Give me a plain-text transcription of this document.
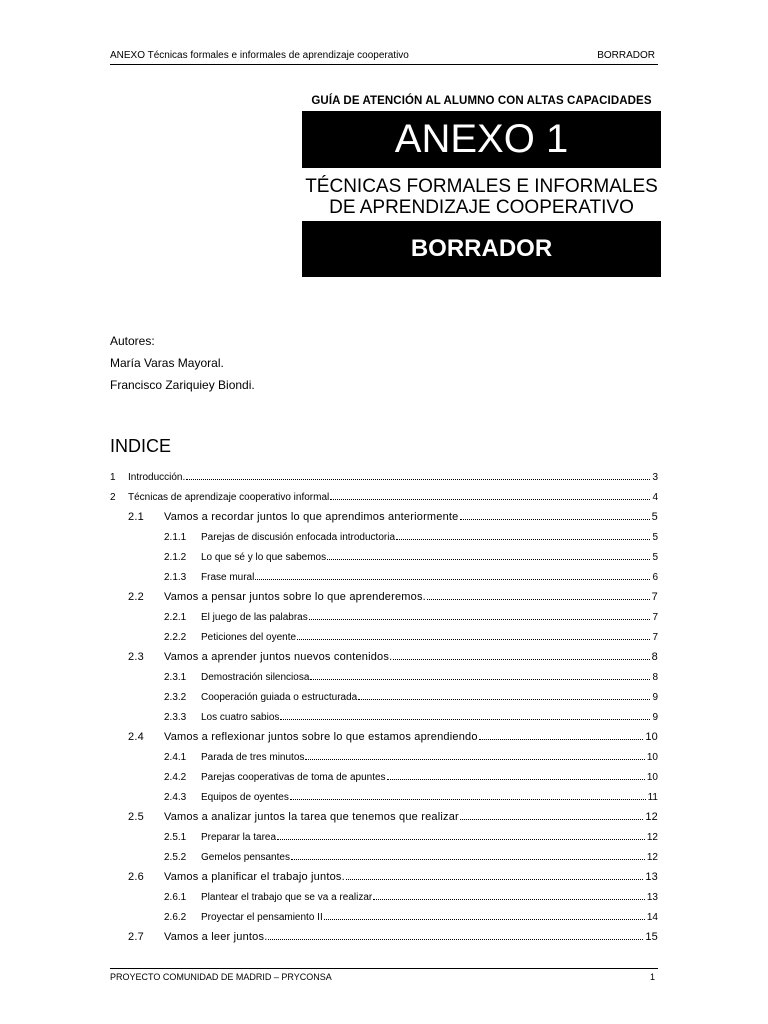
ANEXO Técnicas formales e informales de aprendizaje cooperativo	BORRADOR
GUÍA DE ATENCIÓN AL ALUMNO CON ALTAS CAPACIDADES
ANEXO 1
TÉCNICAS FORMALES E INFORMALES
DE APRENDIZAJE COOPERATIVO
BORRADOR
Autores:
María Varas Mayoral.
Francisco Zariquiey Biondi.
INDICE
1	Introducción.	3
2	Técnicas de aprendizaje cooperativo informal	4
2.1	Vamos a recordar juntos lo que aprendimos anteriormente	5
2.1.1	Parejas de discusión enfocada introductoria	5
2.1.2	Lo que sé y lo que sabemos	5
2.1.3	Frase mural	6
2.2	Vamos a pensar juntos sobre lo que aprenderemos.	7
2.2.1	El juego de las palabras	7
2.2.2	Peticiones del oyente	7
2.3	Vamos a aprender juntos nuevos contenidos.	8
2.3.1	Demostración silenciosa	8
2.3.2	Cooperación guiada o estructurada	9
2.3.3	Los cuatro sabios	9
2.4	Vamos a reflexionar juntos sobre lo que estamos aprendiendo	10
2.4.1	Parada de tres minutos	10
2.4.2	Parejas cooperativas de toma de apuntes	10
2.4.3	Equipos de oyentes	11
2.5	Vamos a analizar juntos la tarea que tenemos que realizar	12
2.5.1	Preparar la tarea	12
2.5.2	Gemelos pensantes	12
2.6	Vamos a planificar el trabajo juntos.	13
2.6.1	Plantear el trabajo que se va a realizar	13
2.6.2	Proyectar el pensamiento II	14
2.7	Vamos a leer juntos.	15
PROYECTO COMUNIDAD DE MADRID – PRYCONSA	1
